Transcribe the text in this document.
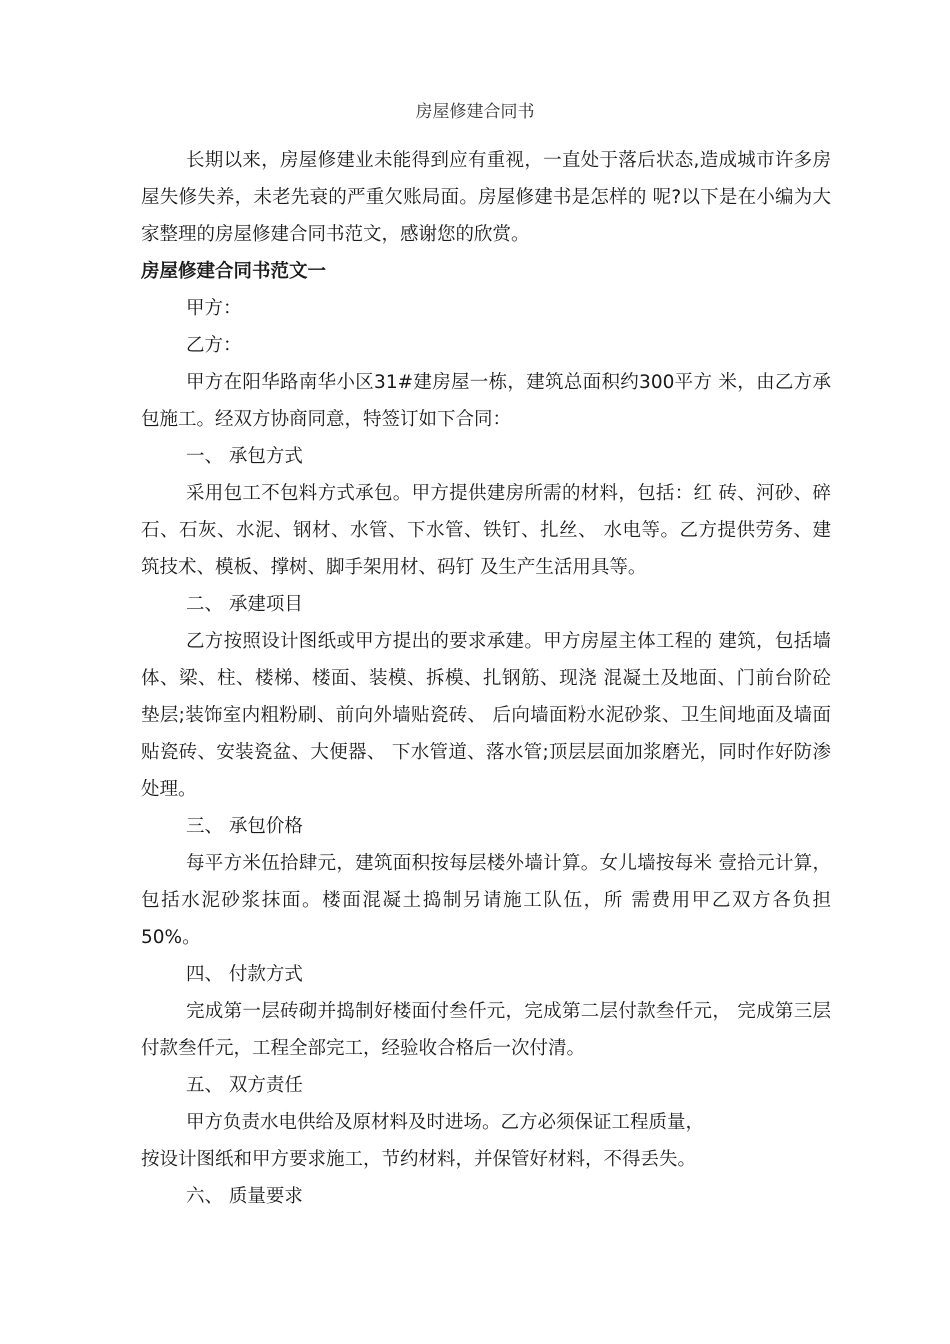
房屋修建合同书

长期以来，房屋修建业未能得到应有重视，一直处于落后状态,造成城市许多房屋失修失养，未老先衰的严重欠账局面。房屋修建书是怎样的 呢?以下是在小编为大家整理的房屋修建合同书范文，感谢您的欣赏。

房屋修建合同书范文一

甲方：

乙方：

甲方在阳华路南华小区31#建房屋一栋，建筑总面积约300平方 米，由乙方承包施工。经双方协商同意，特签订如下合同：

一、 承包方式

采用包工不包料方式承包。甲方提供建房所需的材料，包括：红 砖、河砂、碎石、石灰、水泥、钢材、水管、下水管、铁钉、扎丝、 水电等。乙方提供劳务、建筑技术、模板、撑树、脚手架用材、码钉 及生产生活用具等。

二、 承建项目

乙方按照设计图纸或甲方提出的要求承建。甲方房屋主体工程的 建筑，包括墙体、梁、柱、楼梯、楼面、装模、拆模、扎钢筋、现浇 混凝土及地面、门前台阶砼垫层;装饰室内粗粉刷、前向外墙贴瓷砖、 后向墙面粉水泥砂浆、卫生间地面及墙面贴瓷砖、安装瓷盆、大便器、 下水管道、落水管;顶层层面加浆磨光，同时作好防渗处理。

三、 承包价格

每平方米伍拾肆元，建筑面积按每层楼外墙计算。女儿墙按每米 壹拾元计算，包括水泥砂浆抹面。楼面混凝土捣制另请施工队伍，所 需费用甲乙双方各负担50%。

四、 付款方式

完成第一层砖砌并捣制好楼面付叁仟元，完成第二层付款叁仟元， 完成第三层付款叁仟元，工程全部完工，经验收合格后一次付清。

五、 双方责任

甲方负责水电供给及原材料及时进场。乙方必须保证工程质量，

按设计图纸和甲方要求施工，节约材料，并保管好材料，不得丢失。

六、 质量要求
